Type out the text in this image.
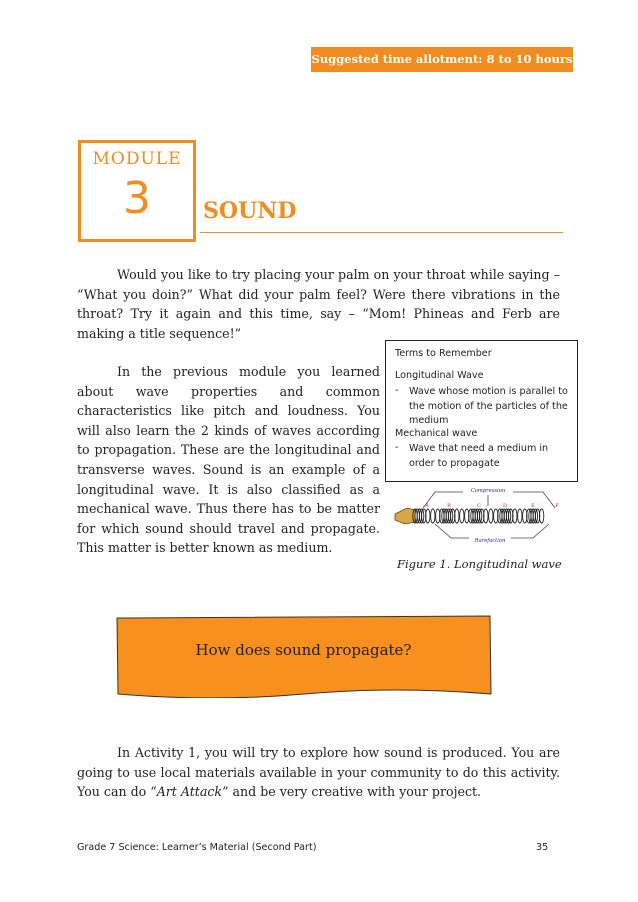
Suggested time allotment: 8 to 10 hours
MODULE
3	SOUND
Would you like to try placing your palm on your throat while saying – “What you doin?” What did your palm feel? Were there vibrations in the throat? Try it again and this time, say – “Mom! Phineas and Ferb are making a title sequence!”
In the previous module you learned about wave properties and common characteristics like pitch and loudness. You will also learn the 2 kinds of waves according to propagation. These are the longitudinal and transverse waves. Sound is an example of a longitudinal wave. It is also classified as a mechanical wave. Thus there has to be matter for which sound should travel and propagate. This matter is better known as medium.
Terms to Remember
Longitudinal Wave
- Wave whose motion is parallel to the motion of the particles of the medium
Mechanical wave
- Wave that need a medium in order to propagate
Compression
Rarefaction
A	B	C	D	E	F
Figure 1. Longitudinal wave
How does sound propagate?
In Activity 1, you will try to explore how sound is produced. You are going to use local materials available in your community to do this activity. You can do “Art Attack” and be very creative with your project.
Grade 7 Science: Learner’s Material (Second Part)	35
